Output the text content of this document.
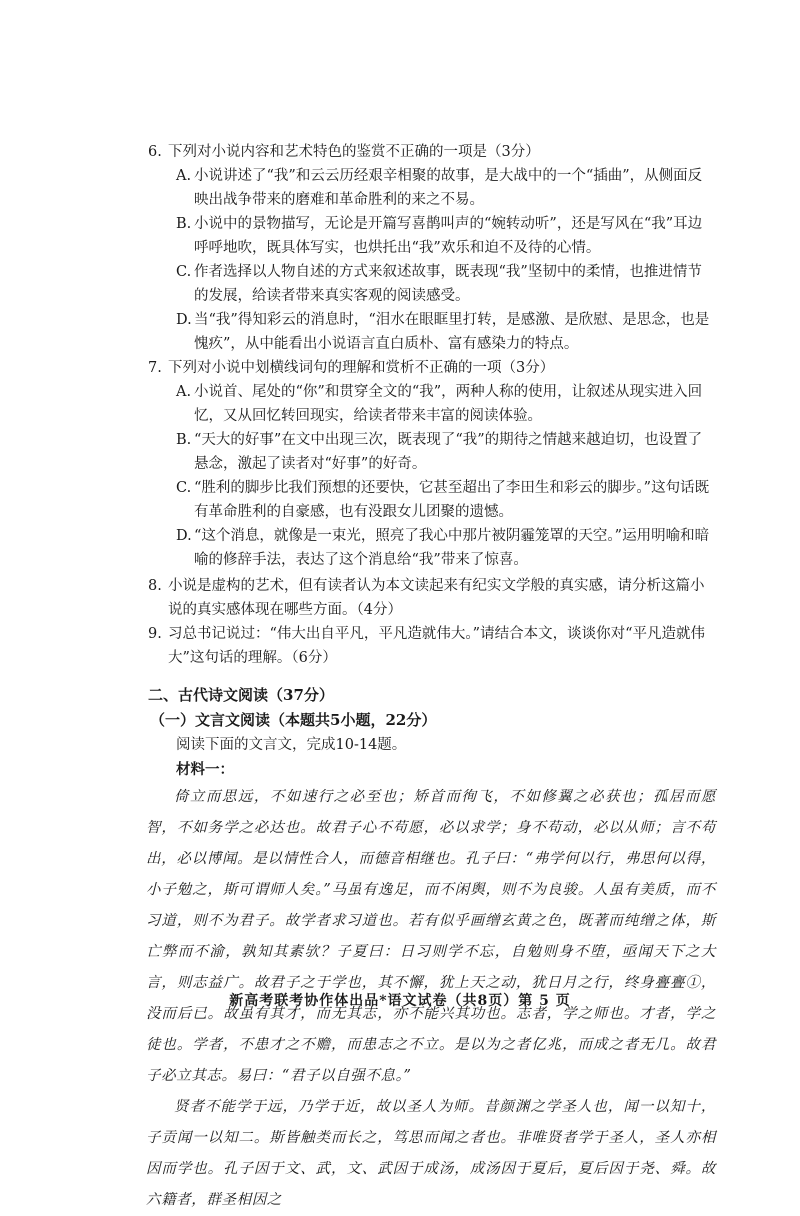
6. 下列对小说内容和艺术特色的鉴赏不正确的一项是（3分）
A. 小说讲述了“我”和云云历经艰辛相聚的故事，是大战中的一个“插曲”，从侧面反映出战争带来的磨难和革命胜利的来之不易。
B. 小说中的景物描写，无论是开篇写喜鹊叫声的“婉转动听”，还是写风在“我”耳边呼呼地吹，既具体写实，也烘托出“我”欢乐和迫不及待的心情。
C. 作者选择以人物自述的方式来叙述故事，既表现“我”坚韧中的柔情，也推进情节的发展，给读者带来真实客观的阅读感受。
D. 当“我”得知彩云的消息时，“泪水在眼眶里打转，是感激、是欣慰、是思念，也是愧疚”，从中能看出小说语言直白质朴、富有感染力的特点。
7. 下列对小说中划横线词句的理解和赏析不正确的一项（3分）
A. 小说首、尾处的“你”和贯穿全文的“我”，两种人称的使用，让叙述从现实进入回忆，又从回忆转回现实，给读者带来丰富的阅读体验。
B. “天大的好事”在文中出现三次，既表现了“我”的期待之情越来越迫切，也设置了悬念，激起了读者对“好事”的好奇。
C. “胜利的脚步比我们预想的还要快，它甚至超出了李田生和彩云的脚步。”这句话既有革命胜利的自豪感，也有没跟女儿团聚的遗憾。
D. “这个消息，就像是一束光，照亮了我心中那片被阴霾笼罩的天空。”运用明喻和暗喻的修辞手法，表达了这个消息给“我”带来了惊喜。
8. 小说是虚构的艺术，但有读者认为本文读起来有纪实文学般的真实感，请分析这篇小说的真实感体现在哪些方面。（4分）
9. 习总书记说过：“伟大出自平凡，平凡造就伟大。”请结合本文，谈谈你对“平凡造就伟大”这句话的理解。（6分）
二、古代诗文阅读（37分）
（一）文言文阅读（本题共5小题，22分）
阅读下面的文言文，完成10-14题。
材料一：

倚立而思远，不如速行之必至也；矫首而徇飞，不如修翼之必获也；孤居而愿智，不如务学之必达也。故君子心不苟愿，必以求学；身不苟动，必以从师；言不苟出，必以博闻。是以情性合人，而德音相继也。孔子曰：“弗学何以行，弗思何以得，小子勉之，斯可谓师人矣。”马虽有逸足，而不闲舆，则不为良骏。人虽有美质，而不习道，则不为君子。故学者求习道也。若有似乎画缯玄黄之色，既著而纯缯之体，斯亡弊而不渝，孰知其素欤？子夏曰：日习则学不忘，自勉则身不堕，亟闻天下之大言，则志益广。故君子之于学也，其不懈，犹上天之动，犹日月之行，终身亹亹①，没而后已。故虽有其才，而无其志，亦不能兴其功也。志者，学之师也。才者，学之徒也。学者，不患才之不赡，而患志之不立。是以为之者亿兆，而成之者无几。故君子必立其志。易曰：“君子以自强不息。”

贤者不能学于远，乃学于近，故以圣人为师。昔颜渊之学圣人也，闻一以知十，子贡闻一以知二。斯皆触类而长之，笃思而闻之者也。非唯贤者学于圣人，圣人亦相因而学也。孔子因于文、武，文、武因于成汤，成汤因于夏后，夏后因于尧、舜。故六籍者，群圣相因之

新高考联考协作体出品*语文试卷（共8页）第 5 页
